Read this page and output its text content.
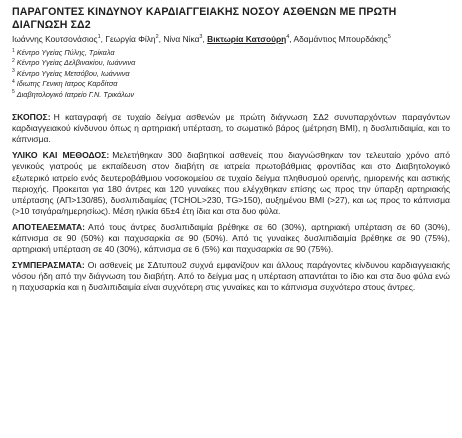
ΠΑΡΑΓΟΝΤΕΣ ΚΙΝΔΥΝΟΥ ΚΑΡΔΙΑΓΓΕΙΑΚΗΣ ΝΟΣΟΥ ΑΣΘΕΝΩΝ ΜΕ ΠΡΩΤΗ
ΔΙΑΓΝΩΣΗ ΣΔ2
Ιωάννης Κουτσονάσιος$^1$, Γεωργία Φίλη$^2$, Νίνα Νίκα$^3$, Βικτωρία Κατσούρη$^4$, Αδαμάντιος Μπουρδάκης$^5$
$^1$ Κέντρο Υγείας Πύλης, Τρίκαλα
$^2$ Κέντρο Υγείας Δελβινακίου, Ιωάννινα
$^3$ Κέντρο Υγείας Μετσόβου, Ιωάννινα
$^4$ Ιδιωτης Γενικη Ιατρος Καρδίτσα
$^5$ Διαβητολογικό Ιατρείο Γ.Ν. Τρικάλων
ΣΚΟΠΟΣ: Η καταγραφή σε τυχαίο δείγμα ασθενών με πρώτη διάγνωση ΣΔ2 συνυπαρχόντων παραγόντων καρδιαγγειακού κίνδυνου όπως η αρτηριακή υπέρταση, το σωματικό βάρος (μέτρηση BMI), η δυσλιπιδαιμία, και το κάπνισμα.
ΥΛΙΚΟ ΚΑΙ ΜΕΘΟΔΟΣ: Μελετήθηκαν 300 διαβητικοί ασθενείς που διαγνώσθηκαν τον τελευταίο χρόνο από γενικούς γιατρούς με εκπαίδευση στον διαβήτη σε ιατρεία πρωτοβάθμιας φροντίδας και στο Διαβητολογικό εξωτερικό ιατρείο ενός δευτεροβάθμιου νοσοκομείου σε τυχαίο δείγμα πληθυσμού ορεινής, ημιορεινής και αστικής περιοχής. Προκειται για 180 άντρες και 120 γυναίκες που ελέγχθηκαν επίσης ως προς την ύπαρξη αρτηριακής υπέρτασης (ΑΠ>130/85), δυσλιπιδαιμίας (TCHOL>230, TG>150), αυξημένου ΒΜΙ (>27), και ως προς το κάπνισμα (>10 τσιγάρα/ημερησίως). Μέση ηλικία 65±4 έτη ίδια και στα δυο φύλα.
ΑΠΟΤΕΛΕΣΜΑΤΑ: Από τους άντρες δυσλιπιδαιμία βρέθηκε σε 60 (30%), αρτηριακή υπέρταση σε 60 (30%), κάπνισμα σε 90 (50%) και παχυσαρκία σε 90 (50%). Από τις γυναίκες δυσλιπιδαιμία βρέθηκε σε 90 (75%), αρτηριακή υπέρταση σε 40 (30%), κάπνισμα σε 6 (5%) και παχυσαρκία σε 90 (75%).
ΣΥΜΠΕΡΑΣΜΑΤΑ: Οι ασθενείς με ΣΔτυπου2 συχνά εμφανίζουν και άλλους παράγοντες κίνδυνου καρδιαγγειακής νόσου ήδη από την διάγνωση του διαβήτη. Από το δείγμα μας η υπέρταση απαντάται το ίδιο και στα δυο φύλα ενώ η παχυσαρκία και η δυσλιπιδαιμία είναι συχνότερη στις γυναίκες και το κάπνισμα συχνότερο στους άντρες.
